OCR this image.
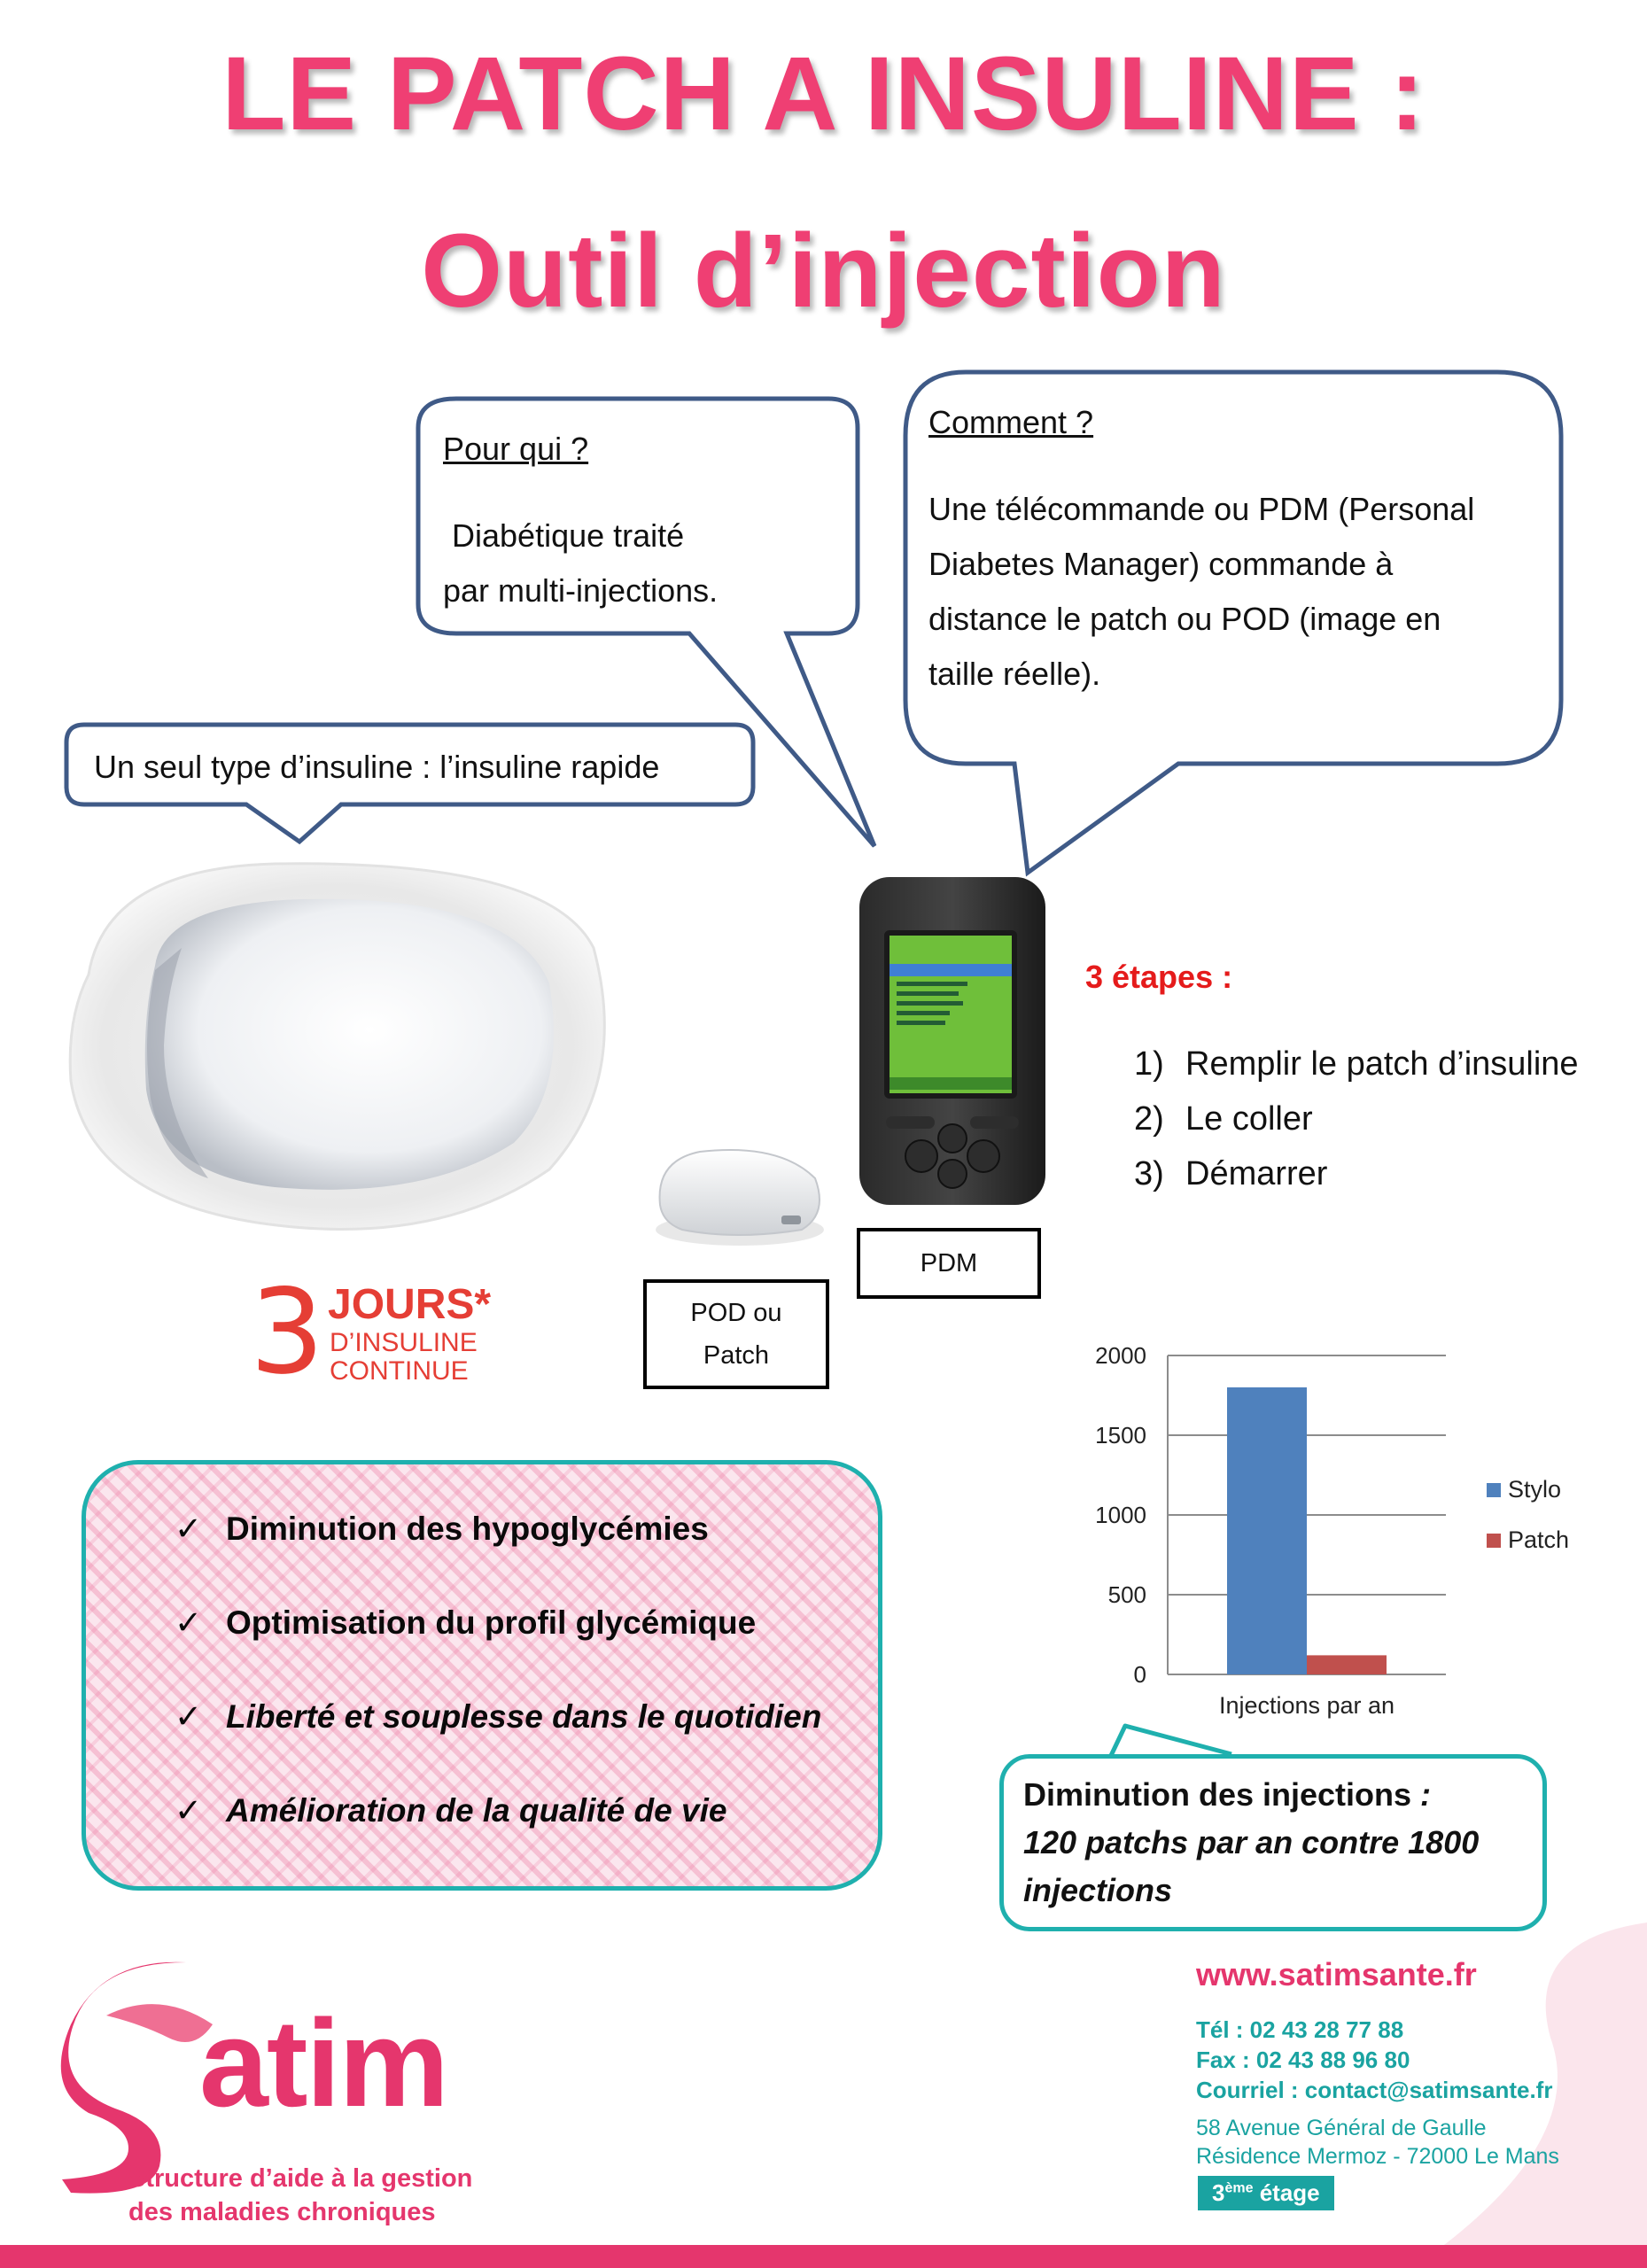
LE PATCH A INSULINE :
Outil d’injection
Pour qui ?
Diabétique traité
par multi-injections.
Comment ?
Une télécommande ou PDM (Personal
Diabetes Manager) commande à
distance le patch ou POD (image en
taille réelle).
Un seul type d’insuline : l’insuline rapide
3 JOURS*
D’INSULINE
CONTINUE
PDM
POD ou
Patch
3 étapes :
1) Remplir le patch d’insuline
2) Le coller
3) Démarrer
0
500
1000
1500
2000
Injections par an
Stylo
Patch
✓ Diminution des hypoglycémies
✓ Optimisation du profil glycémique
✓ Liberté et souplesse dans le quotidien
✓ Amélioration de la qualité de vie	Diminution des injections :
120 patchs par an contre 1800
injections
atim
Structure d’aide à la gestion
des maladies chroniques
www.satimsante.fr
Tél : 02 43 28 77 88
Fax : 02 43 88 96 80
Courriel : contact@satimsante.fr
58 Avenue Général de Gaulle
Résidence Mermoz - 72000 Le Mans
3ème étage
